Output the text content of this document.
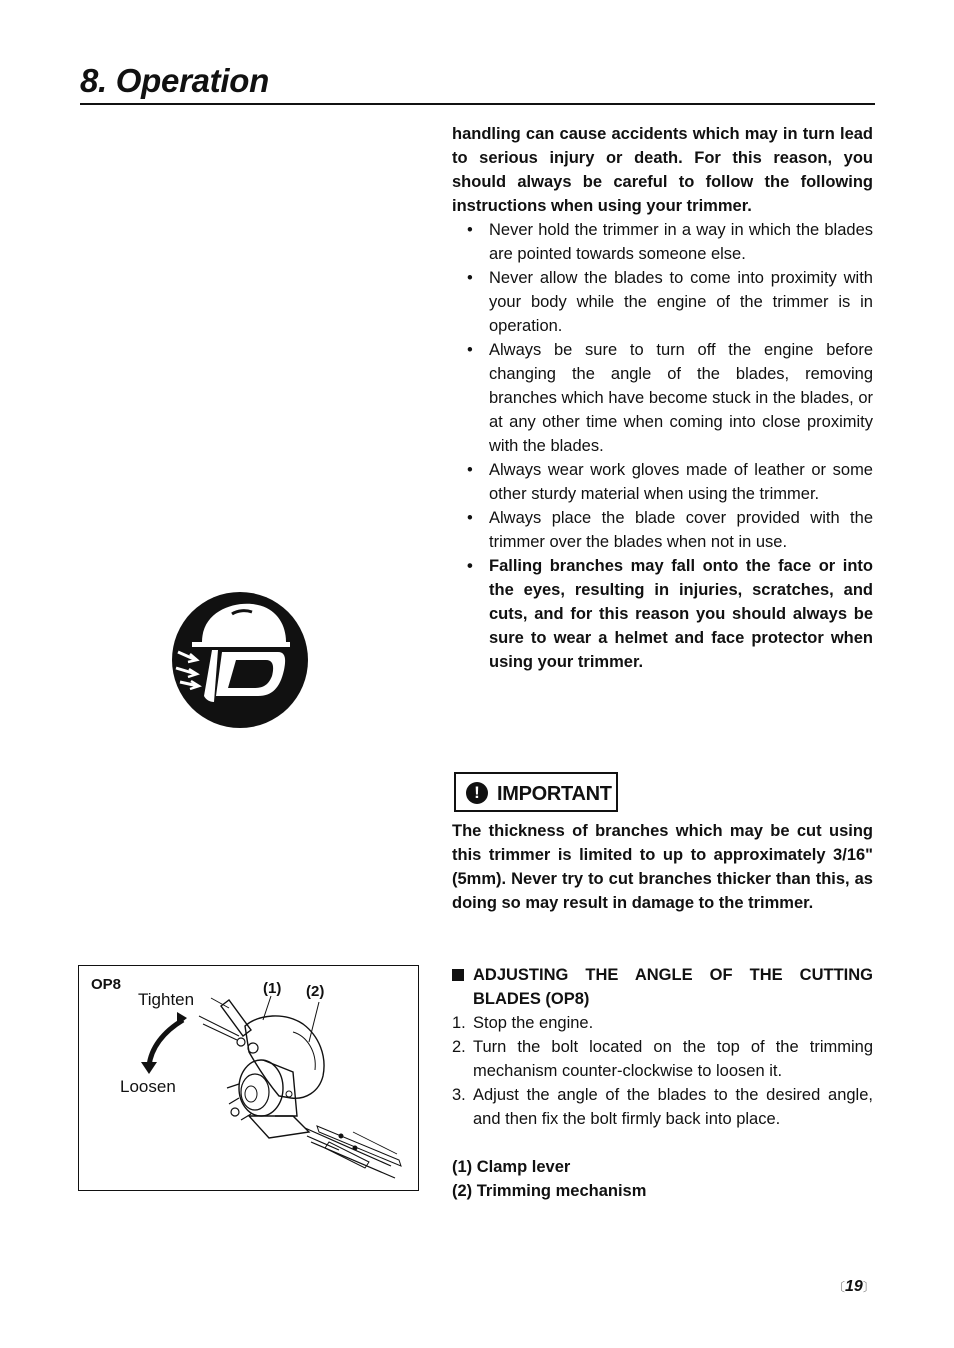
8. Operation
handling can cause accidents which may in turn lead to serious injury or death. For this reason, you should always be careful to follow the following instructions when using your trimmer.
• Never hold the trimmer in a way in which the blades are pointed towards someone else.
• Never allow the blades to come into proximity with your body while the engine of the trimmer is in operation.
• Always be sure to turn off the engine before changing the angle of the blades, removing branches which have become stuck in the blades, or at any other time when coming into close proximity with the blades.
• Always wear work gloves made of leather or some other sturdy material when using the trimmer.
• Always place the blade cover provided with the trimmer over the blades when not in use.
• Falling branches may fall onto the face or into the eyes, resulting in injuries, scratches, and cuts, and for this reason you should always be sure to wear a helmet and face protector when using your trimmer.
! IMPORTANT
The thickness of branches which may be cut using this trimmer is limited to up to approximately 3/16" (5mm). Never try to cut branches thicker than this, as doing so may result in damage to the trimmer.
ADJUSTING THE ANGLE OF THE CUTTING BLADES (OP8)
1. Stop the engine.
2. Turn the bolt located on the top of the trimming mechanism counter-clockwise to loosen it.
3. Adjust the angle of the blades to the desired angle, and then fix the bolt firmly back into place.
(1) Clamp lever
(2) Trimming mechanism
OP8
Tighten
Loosen
(1) (2)
〔19〕
